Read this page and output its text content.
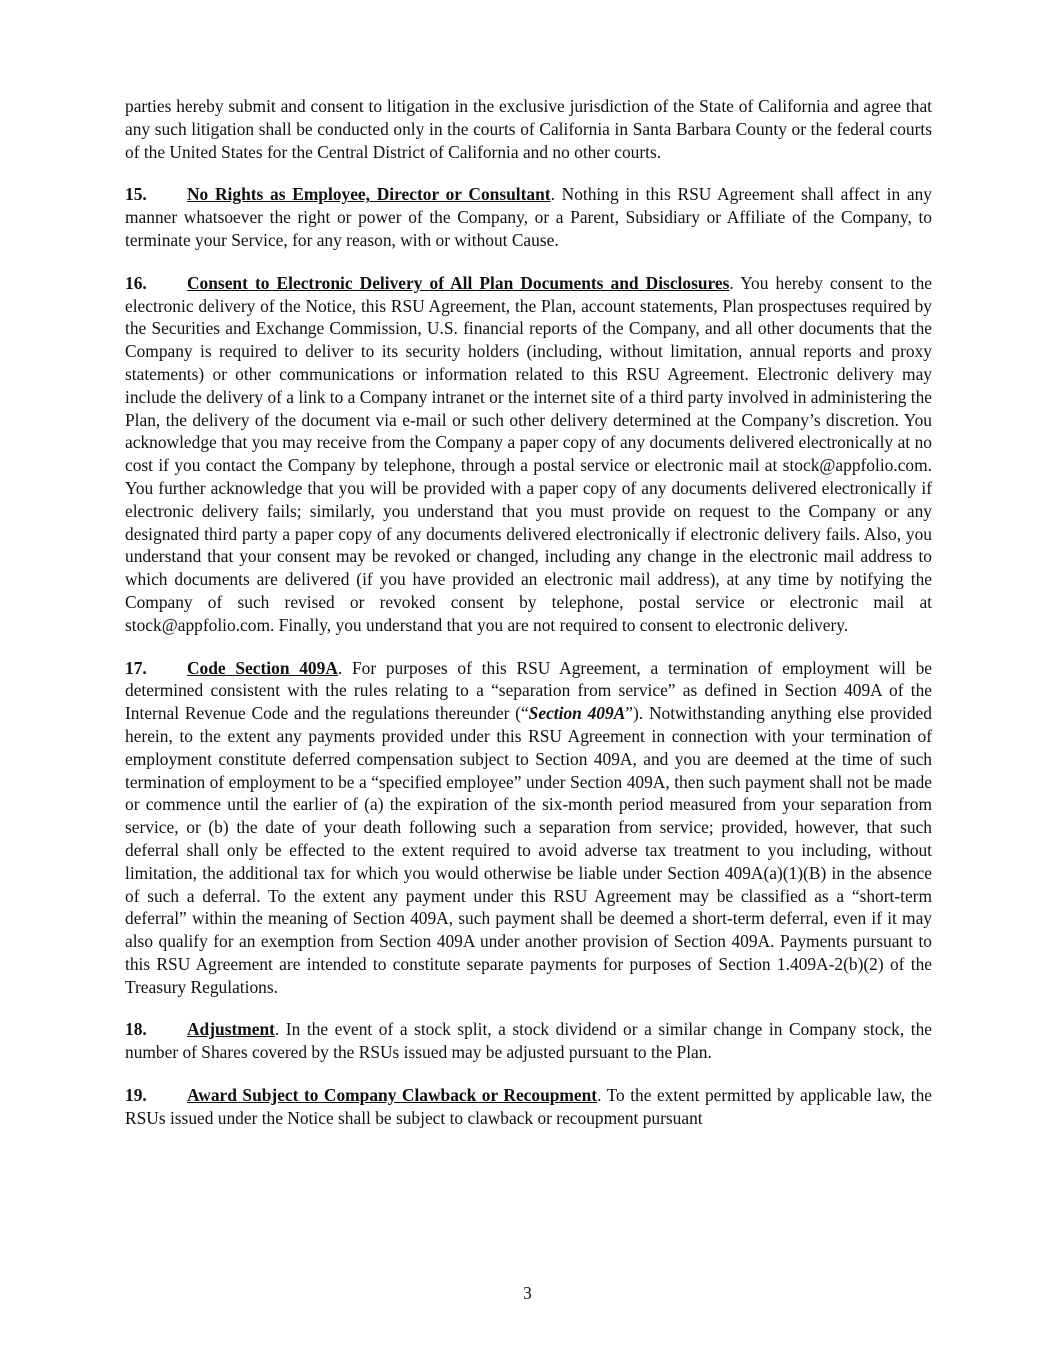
parties hereby submit and consent to litigation in the exclusive jurisdiction of the State of California and agree that any such litigation shall be conducted only in the courts of California in Santa Barbara County or the federal courts of the United States for the Central District of California and no other courts.

15. No Rights as Employee, Director or Consultant. Nothing in this RSU Agreement shall affect in any manner whatsoever the right or power of the Company, or a Parent, Subsidiary or Affiliate of the Company, to terminate your Service, for any reason, with or without Cause.

16. Consent to Electronic Delivery of All Plan Documents and Disclosures. You hereby consent to the electronic delivery of the Notice, this RSU Agreement, the Plan, account statements, Plan prospectuses required by the Securities and Exchange Commission, U.S. financial reports of the Company, and all other documents that the Company is required to deliver to its security holders (including, without limitation, annual reports and proxy statements) or other communications or information related to this RSU Agreement. Electronic delivery may include the delivery of a link to a Company intranet or the internet site of a third party involved in administering the Plan, the delivery of the document via e-mail or such other delivery determined at the Company’s discretion. You acknowledge that you may receive from the Company a paper copy of any documents delivered electronically at no cost if you contact the Company by telephone, through a postal service or electronic mail at stock@appfolio.com. You further acknowledge that you will be provided with a paper copy of any documents delivered electronically if electronic delivery fails; similarly, you understand that you must provide on request to the Company or any designated third party a paper copy of any documents delivered electronically if electronic delivery fails. Also, you understand that your consent may be revoked or changed, including any change in the electronic mail address to which documents are delivered (if you have provided an electronic mail address), at any time by notifying the Company of such revised or revoked consent by telephone, postal service or electronic mail at stock@appfolio.com. Finally, you understand that you are not required to consent to electronic delivery.

17. Code Section 409A. For purposes of this RSU Agreement, a termination of employment will be determined consistent with the rules relating to a “separation from service” as defined in Section 409A of the Internal Revenue Code and the regulations thereunder (“Section 409A”). Notwithstanding anything else provided herein, to the extent any payments provided under this RSU Agreement in connection with your termination of employment constitute deferred compensation subject to Section 409A, and you are deemed at the time of such termination of employment to be a “specified employee” under Section 409A, then such payment shall not be made or commence until the earlier of (a) the expiration of the six-month period measured from your separation from service, or (b) the date of your death following such a separation from service; provided, however, that such deferral shall only be effected to the extent required to avoid adverse tax treatment to you including, without limitation, the additional tax for which you would otherwise be liable under Section 409A(a)(1)(B) in the absence of such a deferral. To the extent any payment under this RSU Agreement may be classified as a “short-term deferral” within the meaning of Section 409A, such payment shall be deemed a short-term deferral, even if it may also qualify for an exemption from Section 409A under another provision of Section 409A. Payments pursuant to this RSU Agreement are intended to constitute separate payments for purposes of Section 1.409A-2(b)(2) of the Treasury Regulations.

18. Adjustment. In the event of a stock split, a stock dividend or a similar change in Company stock, the number of Shares covered by the RSUs issued may be adjusted pursuant to the Plan.

19. Award Subject to Company Clawback or Recoupment. To the extent permitted by applicable law, the RSUs issued under the Notice shall be subject to clawback or recoupment pursuant

3
